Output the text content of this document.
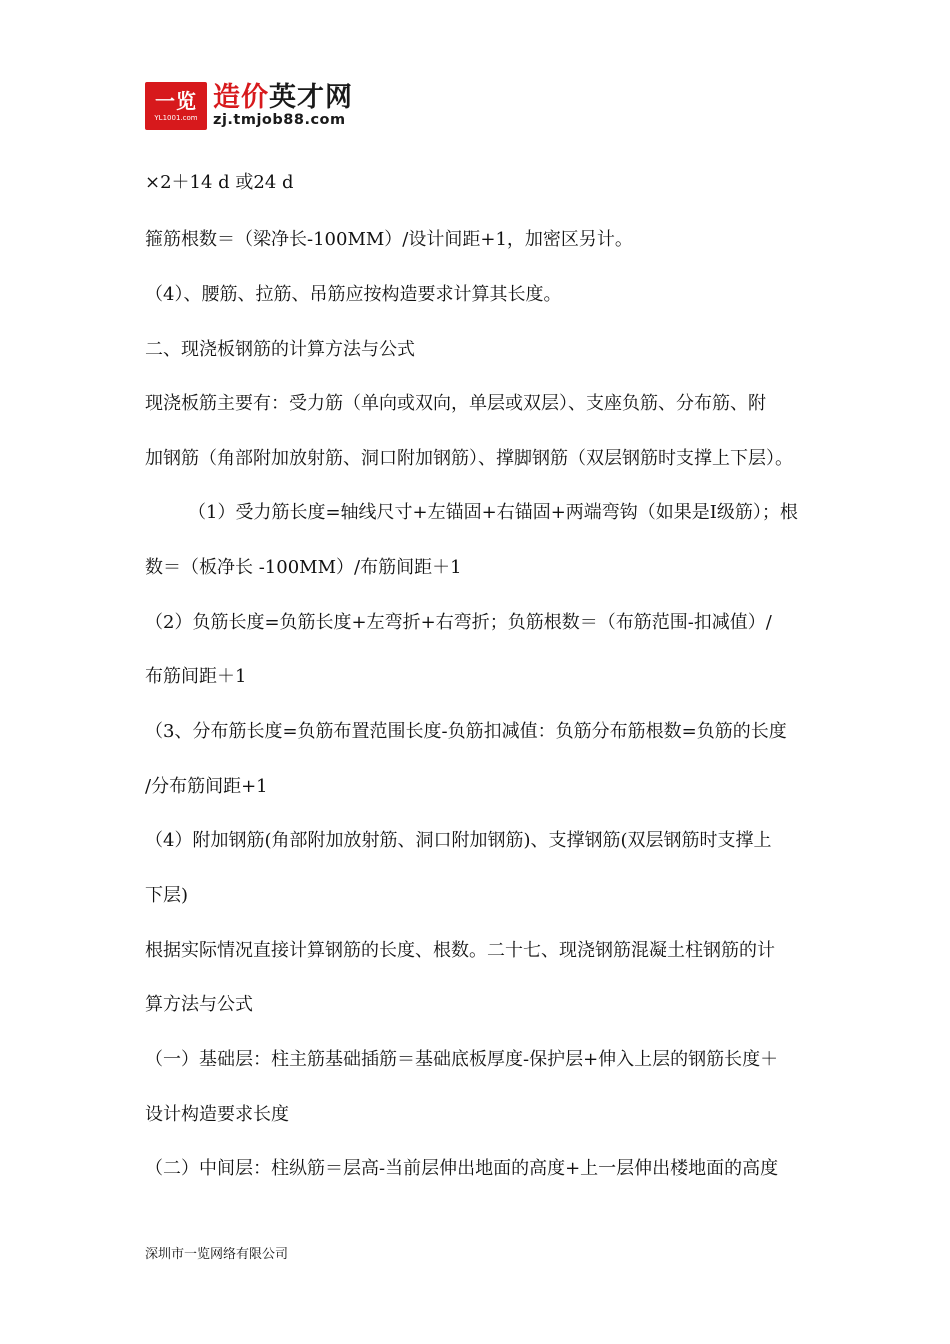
一览
YL1001.com
造价英才网
zj.tmjob88.com
×2＋14 d 或24 d
箍筋根数＝（梁净长-100MM）/设计间距+1，加密区另计。
（4）、腰筋、拉筋、吊筋应按构造要求计算其长度。
二、现浇板钢筋的计算方法与公式
现浇板筋主要有：受力筋（单向或双向，单层或双层）、支座负筋、分布筋、附
加钢筋（角部附加放射筋、洞口附加钢筋）、撑脚钢筋（双层钢筋时支撑上下层）。
（1）受力筋长度=轴线尺寸+左锚固+右锚固+两端弯钩（如果是Ⅰ级筋）；根
数＝（板净长 -100MM）/布筋间距＋1
（2）负筋长度=负筋长度+左弯折+右弯折；负筋根数＝（布筋范围-扣减值）/
布筋间距＋1
（3、分布筋长度=负筋布置范围长度-负筋扣减值：负筋分布筋根数=负筋的长度
/分布筋间距+1
（4）附加钢筋(角部附加放射筋、洞口附加钢筋)、支撑钢筋(双层钢筋时支撑上
下层)
根据实际情况直接计算钢筋的长度、根数。二十七、现浇钢筋混凝土柱钢筋的计
算方法与公式
（一）基础层：柱主筋基础插筋＝基础底板厚度-保护层+伸入上层的钢筋长度＋
设计构造要求长度
（二）中间层：柱纵筋＝层高-当前层伸出地面的高度+上一层伸出楼地面的高度
深圳市一览网络有限公司
